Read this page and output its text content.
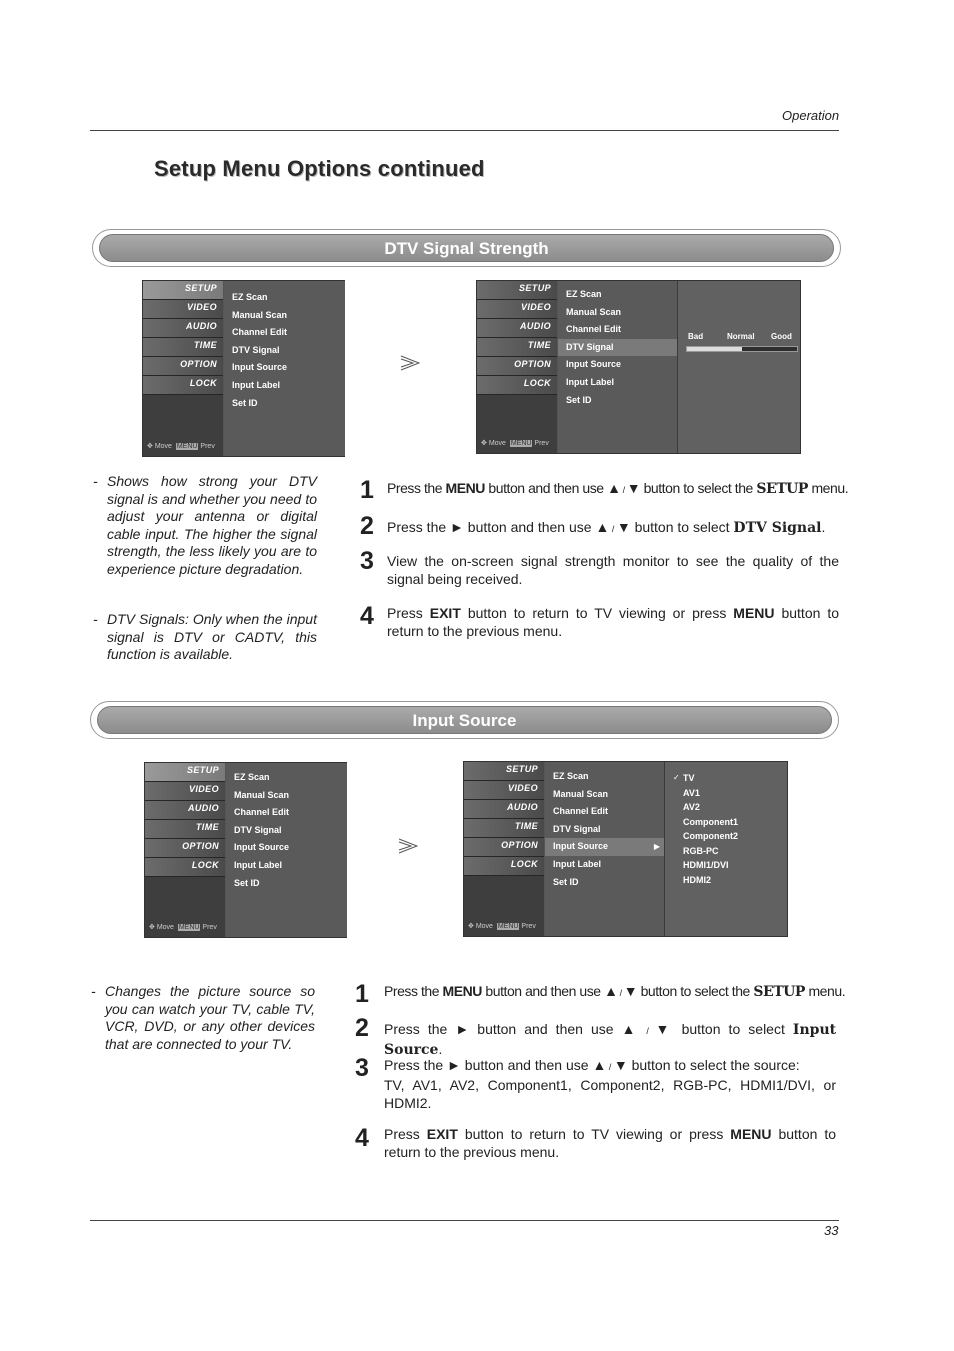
Operation
Setup Menu Options continued
DTV Signal Strength
SETUP
VIDEO
AUDIO
TIME
OPTION
LOCK
✥ Move MENU Prev
EZ Scan
Manual Scan
Channel Edit
DTV Signal
Input Source
Input Label
Set ID
SETUP
VIDEO
AUDIO
TIME
OPTION
LOCK
✥ Move MENU Prev
EZ Scan
Manual Scan
Channel Edit
DTV Signal
Input Source
Input Label
Set ID
Bad	Normal Good
- Shows how strong your DTV signal is and whether you need to adjust your antenna or digital cable input. The higher the signal strength, the less likely you are to experience picture degradation.
- DTV Signals: Only when the input signal is DTV or CADTV, this function is available.
1 Press the MENU button and then use ▲ / ▼ button to select the SETUP menu.
2 Press the ► button and then use ▲ / ▼ button to select DTV Signal.
3 View the on-screen signal strength monitor to see the quality of the signal being received.
4 Press EXIT button to return to TV viewing or press MENU button to return to the previous menu.
Input Source
SETUP
VIDEO
AUDIO
TIME
OPTION
LOCK
✥ Move MENU Prev
EZ Scan
Manual Scan
Channel Edit
DTV Signal
Input Source
Input Label
Set ID
SETUP
VIDEO
AUDIO
TIME
OPTION
LOCK
✥ Move MENU Prev
EZ Scan
Manual Scan
Channel Edit
DTV Signal
Input Source	▶
Input Label
Set ID
✓ TV
AV1
AV2
Component1
Component2
RGB-PC
HDMI1/DVI
HDMI2
- Changes the picture source so you can watch your TV, cable TV, VCR, DVD, or any other devices that are connected to your TV.
1 Press the MENU button and then use ▲ / ▼ button to select the SETUP menu.
2 Press the ► button and then use ▲ / ▼ button to select Input Source.
3 Press the ► button and then use ▲ / ▼ button to select the source:
TV, AV1, AV2, Component1, Component2, RGB-PC, HDMI1/DVI, or HDMI2.
4 Press EXIT button to return to TV viewing or press MENU button to return to the previous menu.
33
